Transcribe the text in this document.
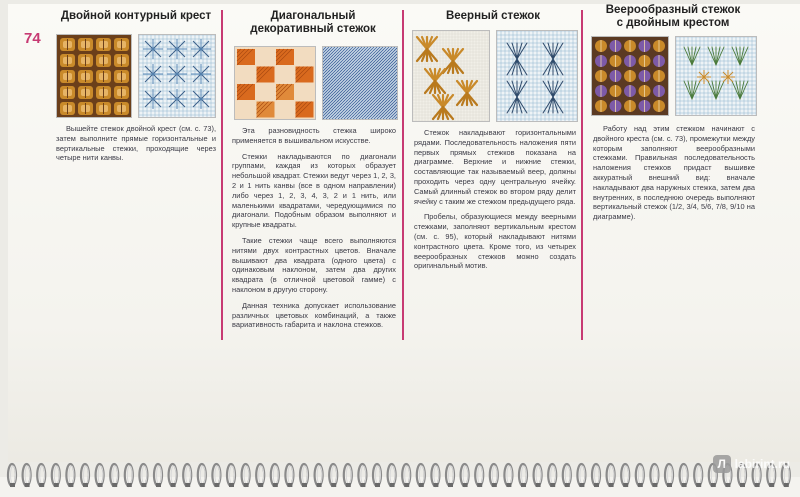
74
Двойной контурный крест

Вышейте стежок двойной крест (см. с. 73), затем выполните прямые горизонтальные и вертикальные стежки, проходящие через четыре нити канвы.

Диагональный
декоративный стежок

Эта разновидность стежка широко применяется в вышивальном искусстве.

Стежки накладываются по диагонали группами, каждая из которых образует небольшой квадрат. Стежки ведут через 1, 2, 3, 2 и 1 нить канвы (все в одном направлении) либо через 1, 2, 3, 4, 3, 2 и 1 нить, или маленькими квадратами, чередующимися по диагонали. Подобным образом выполняют и крупные квадраты.

Такие стежки чаще всего выполняются нитями двух контрастных цветов. Вначале вышивают два квадрата (одного цвета) с одинаковым наклоном, затем два других квадрата (в отличной цветовой гамме) с наклоном в другую сторону.

Данная техника допускает использование различных цветовых комбинаций, а также вариативность габарита и наклона стежков.

Веерный стежок

Стежок накладывают горизонтальными рядами. Последовательность наложения пяти первых прямых стежков показана на диаграмме. Верхние и нижние стежки, составляющие так называемый веер, должны проходить через одну центральную ячейку. Самый длинный стежок во втором ряду делит ячейку с таким же стежком предыдущего ряда.

Пробелы, образующиеся между веерными стежками, заполняют вертикальным крестом (см. с. 95), который накладывают нитями контрастного цвета. Кроме того, из четырех веерообразных стежков можно создать оригинальный мотив.

Веерообразный стежок
с двойным крестом

Работу над этим стежком начинают с двойного креста (см. с. 73), промежутки между которым заполняют веерообразными стежками. Правильная последовательность наложения стежков придаст вышивке аккуратный внешний вид: вначале накладывают два наружных стежка, затем два внутренних, в последнюю очередь выполняют вертикальный стежок (1/2, 3/4, 5/6, 7/8, 9/10 на диаграмме).

Л labirint.ru
